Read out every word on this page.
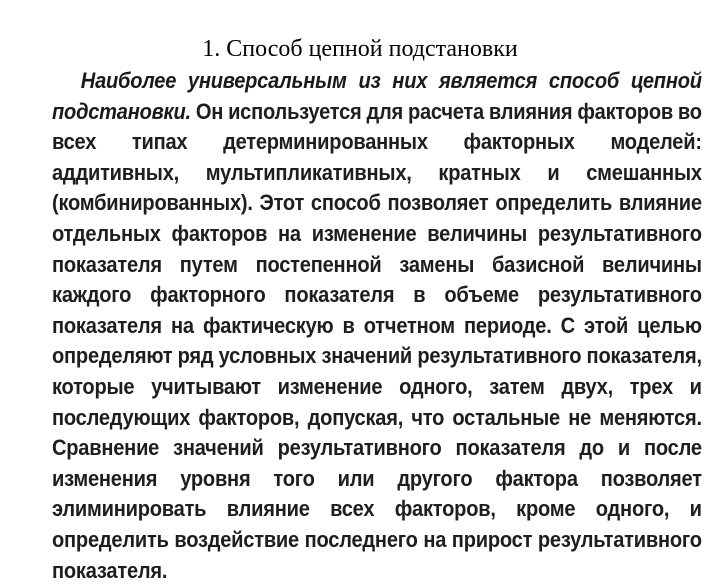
1. Способ цепной подстановки

Наиболее универсальным из них является способ цепной подстановки. Он используется для расчета влияния факторов во всех типах детерминированных факторных моделей: аддитивных, мультипликативных, кратных и смешанных (комбинированных). Этот способ позволяет определить влияние отдельных факторов на изменение величины результативного показателя путем постепенной замены базисной величины каждого факторного показателя в объеме результативного показателя на фактическую в отчетном периоде. С этой целью определяют ряд условных значений результативного показателя, которые учитывают изменение одного, затем двух, трех и последующих факторов, допуская, что остальные не меняются. Сравнение значений результативного показателя до и после изменения уровня того или другого фактора позволяет элиминировать влияние всех факторов, кроме одного, и определить воздействие последнего на прирост результативного показателя.
